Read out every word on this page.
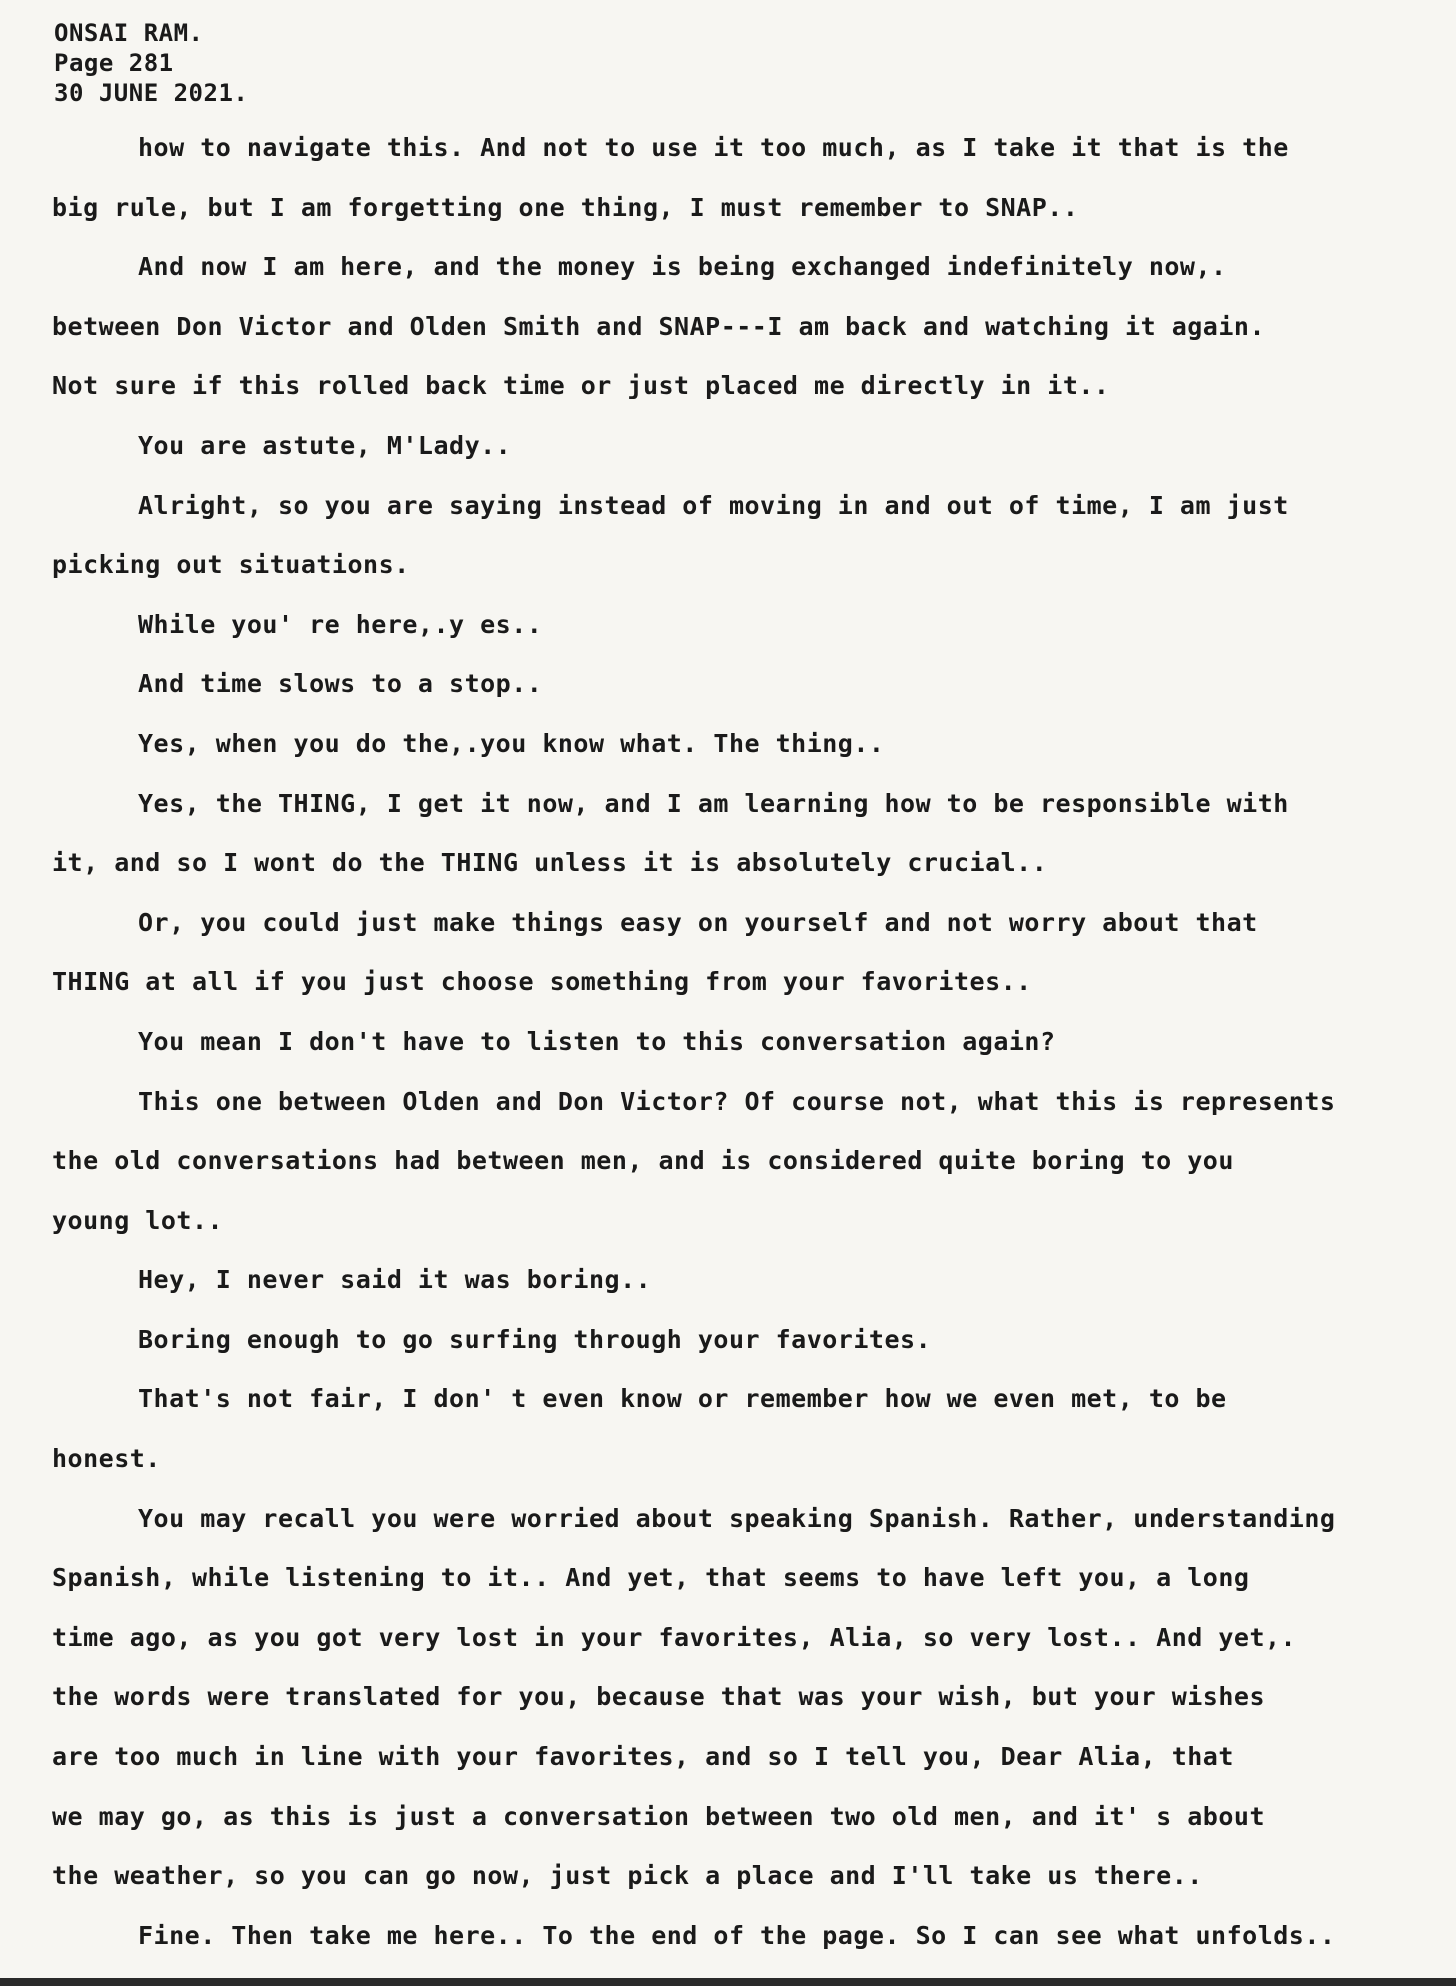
ONSAI RAM.
Page 281
30 JUNE 2021.
how to navigate this. And not to use it too much, as I take it that is the
big rule, but I am forgetting one thing, I must remember to SNAP..
And now I am here, and the money is being exchanged indefinitely now,.
between Don Victor and Olden Smith and SNAP---I am back and watching it again.
Not sure if this rolled back time or just placed me directly in it..
You are astute, M'Lady..
Alright, so you are saying instead of moving in and out of time, I am just
picking out situations.
While you' re here,.y es..
And time slows to a stop..
Yes, when you do the,.you know what. The thing..
Yes, the THING, I get it now, and I am learning how to be responsible with
it, and so I wont do the THING unless it is absolutely crucial..
Or, you could just make things easy on yourself and not worry about that
THING at all if you just choose something from your favorites..
You mean I don't have to listen to this conversation again?
This one between Olden and Don Victor? Of course not, what this is represents
the old conversations had between men, and is considered quite boring to you
young lot..
Hey, I never said it was boring..
Boring enough to go surfing through your favorites.
That's not fair, I don' t even know or remember how we even met, to be
honest.
You may recall you were worried about speaking Spanish. Rather, understanding
Spanish, while listening to it.. And yet, that seems to have left you, a long
time ago, as you got very lost in your favorites, Alia, so very lost.. And yet,.
the words were translated for you, because that was your wish, but your wishes
are too much in line with your favorites, and so I tell you, Dear Alia, that
we may go, as this is just a conversation between two old men, and it' s about
the weather, so you can go now, just pick a place and I'll take us there..
Fine. Then take me here.. To the end of the page. So I can see what unfolds..
